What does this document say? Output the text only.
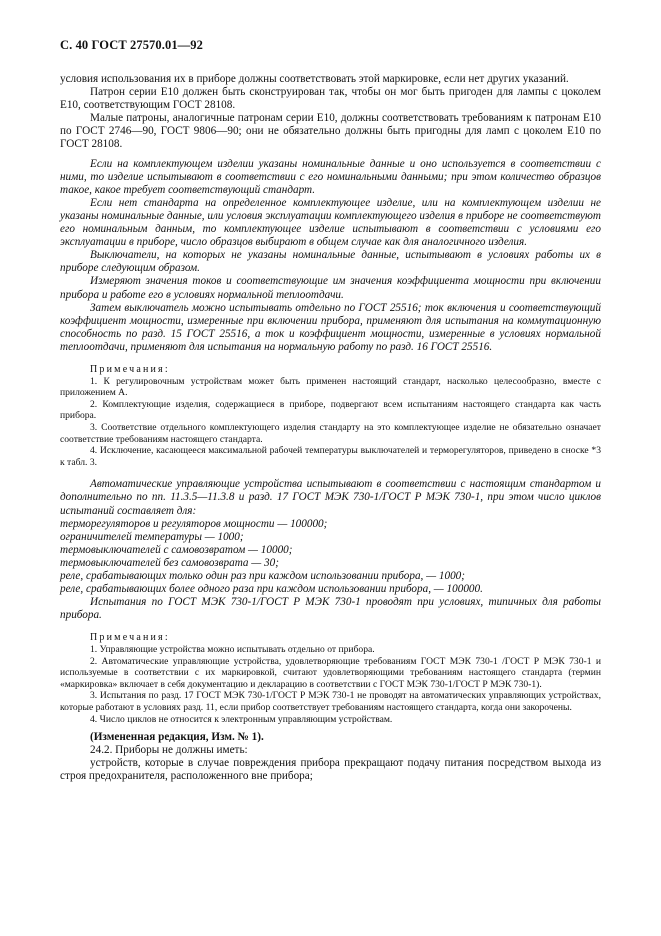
С. 40 ГОСТ 27570.01—92

условия использования их в приборе должны соответствовать этой маркировке, если нет других указаний.

Патрон серии Е10 должен быть сконструирован так, чтобы он мог быть пригоден для лампы с цоколем Е10, соответствующим ГОСТ 28108.

Малые патроны, аналогичные патронам серии Е10, должны соответствовать требованиям к патронам Е10 по ГОСТ 2746—90, ГОСТ 9806—90; они не обязательно должны быть пригодны для ламп с цоколем Е10 по ГОСТ 28108.

Если на комплектующем изделии указаны номинальные данные и оно используется в соответствии с ними, то изделие испытывают в соответствии с его номинальными данными; при этом количество образцов такое, какое требует соответствующий стандарт.

Если нет стандарта на определенное комплектующее изделие, или на комплектующем изделии не указаны номинальные данные, или условия эксплуатации комплектующего изделия в приборе не соответствуют его номинальным данным, то комплектующее изделие испытывают в соответствии с условиями его эксплуатации в приборе, число образцов выбирают в общем случае как для аналогичного изделия.

Выключатели, на которых не указаны номинальные данные, испытывают в условиях работы их в приборе следующим образом.

Измеряют значения токов и соответствующие им значения коэффициента мощности при включении прибора и работе его в условиях нормальной теплоотдачи.

Затем выключатель можно испытывать отдельно по ГОСТ 25516; ток включения и соответствующий коэффициент мощности, измеренные при включении прибора, применяют для испытания на коммутационную способность по разд. 15 ГОСТ 25516, а ток и коэффициент мощности, измеренные в условиях нормальной теплоотдачи, применяют для испытания на нормальную работу по разд. 16 ГОСТ 25516.

Примечания:

1. К регулировочным устройствам может быть применен настоящий стандарт, насколько целесообразно, вместе с приложением А.

2. Комплектующие изделия, содержащиеся в приборе, подвергают всем испытаниям настоящего стандарта как часть прибора.

3. Соответствие отдельного комплектующего изделия стандарту на это комплектующее изделие не обязательно означает соответствие требованиям настоящего стандарта.

4. Исключение, касающееся максимальной рабочей температуры выключателей и терморегуляторов, приведено в сноске *3 к табл. 3.

Автоматические управляющие устройства испытывают в соответствии с настоящим стандартом и дополнительно по пп. 11.3.5—11.3.8 и разд. 17 ГОСТ МЭК 730-1/ГОСТ Р МЭК 730-1, при этом число циклов испытаний составляет для:

терморегуляторов и регуляторов мощности — 100000;

ограничителей температуры — 1000;

термовыключателей с самовозвратом — 10000;

термовыключателей без самовозврата — 30;

реле, срабатывающих только один раз при каждом использовании прибора, — 1000;

реле, срабатывающих более одного раза при каждом использовании прибора, — 100000.

Испытания по ГОСТ МЭК 730-1/ГОСТ Р МЭК 730-1 проводят при условиях, типичных для работы прибора.

Примечания:

1. Управляющие устройства можно испытывать отдельно от прибора.

2. Автоматические управляющие устройства, удовлетворяющие требованиям ГОСТ МЭК 730-1 /ГОСТ Р МЭК 730-1 и используемые в соответствии с их маркировкой, считают удовлетворяющими требованиям настоящего стандарта (термин «маркировка» включает в себя документацию и декларацию в соответствии с ГОСТ МЭК 730-1/ГОСТ Р МЭК 730-1).

3. Испытания по разд. 17 ГОСТ МЭК 730-1/ГОСТ Р МЭК 730-1 не проводят на автоматических управляющих устройствах, которые работают в условиях разд. 11, если прибор соответствует требованиям настоящего стандарта, когда они закорочены.

4. Число циклов не относится к электронным управляющим устройствам.

(Измененная редакция, Изм. № 1).

24.2. Приборы не должны иметь:

устройств, которые в случае повреждения прибора прекращают подачу питания посредством выхода из строя предохранителя, расположенного вне прибора;
